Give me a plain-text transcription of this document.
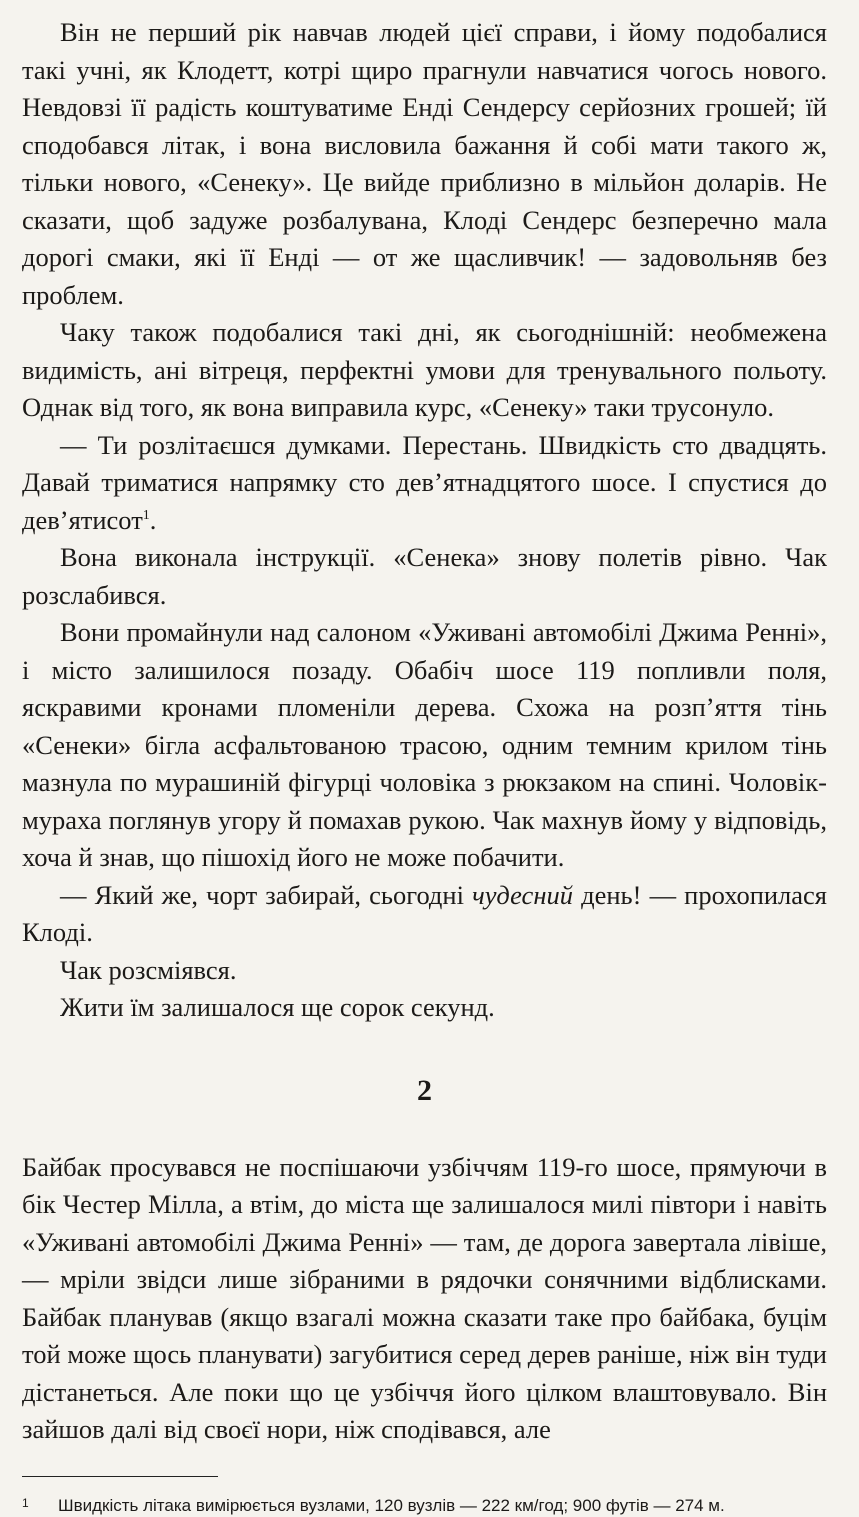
Він не перший рік навчав людей цієї справи, і йому подобалися такі учні, як Клодетт, котрі щиро прагнули навчатися чогось нового. Невдовзі її радість коштуватиме Енді Сендерсу серйозних грошей; їй сподобався літак, і вона висловила бажання й собі мати такого ж, тільки нового, «Сенеку». Це вийде приблизно в мільйон доларів. Не сказати, щоб задуже розбалувана, Клоді Сендерс безперечно мала дорогі смаки, які її Енді — от же щасливчик! — задовольняв без проблем.

Чаку також подобалися такі дні, як сьогоднішній: необмежена видимість, ані вітреця, перфектні умови для тренувального польоту. Однак від того, як вона виправила курс, «Сенеку» таки трусонуло.

— Ти розлітаєшся думками. Перестань. Швидкість сто двадцять. Давай триматися напрямку сто дев’ятнадцятого шосе. І спустися до дев’ятисот$^1$.

Вона виконала інструкції. «Сенека» знову полетів рівно. Чак розслабився.

Вони промайнули над салоном «Уживані автомобілі Джима Ренні», і місто залишилося позаду. Обабіч шосе 119 попливли поля, яскравими кронами пломеніли дерева. Схожа на розп’яття тінь «Сенеки» бігла асфальтованою трасою, одним темним крилом тінь мазнула по мурашиній фігурці чоловіка з рюкзаком на спині. Чоловік-мураха поглянув угору й помахав рукою. Чак махнув йому у відповідь, хоча й знав, що пішохід його не може побачити.

— Який же, чорт забирай, сьогодні чудесний день! — прохопилася Клоді.

Чак розсміявся.

Жити їм залишалося ще сорок секунд.

2

Байбак просувався не поспішаючи узбіччям 119-го шосе, прямуючи в бік Честер Мілла, а втім, до міста ще залишалося милі півтори і навіть «Уживані автомобілі Джима Ренні» — там, де дорога завертала лівіше, — мріли звідси лише зібраними в рядочки сонячними відблисками. Байбак планував (якщо взагалі можна сказати таке про байбака, буцім той може щось планувати) загубитися серед дерев раніше, ніж він туди дістанеться. Але поки що це узбіччя його цілком влаштовувало. Він зайшов далі від своєї нори, ніж сподівався, але

1	Швидкість літака вимірюється вузлами, 120 вузлів — 222 км/год; 900 футів — 274 м.
